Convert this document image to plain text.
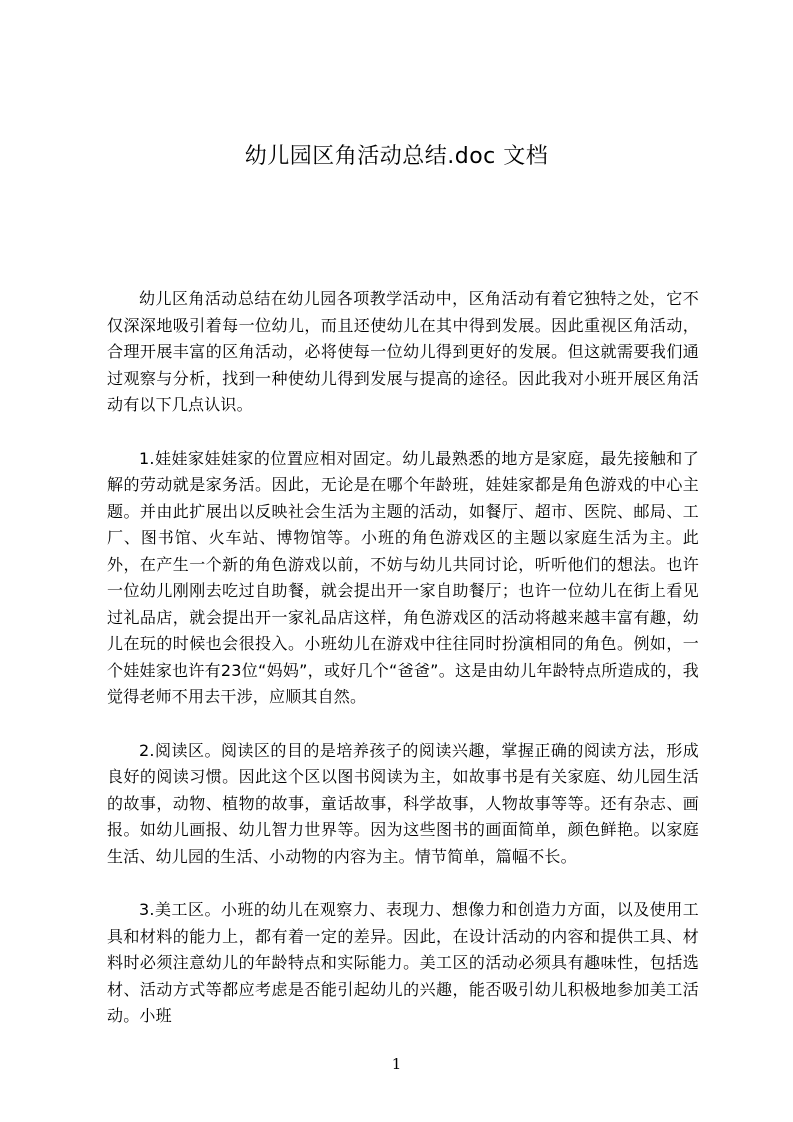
幼儿园区角活动总结.doc 文档

幼儿区角活动总结在幼儿园各项教学活动中，区角活动有着它独特之处，它不仅深深地吸引着每一位幼儿，而且还使幼儿在其中得到发展。因此重视区角活动，合理开展丰富的区角活动，必将使每一位幼儿得到更好的发展。但这就需要我们通过观察与分析，找到一种使幼儿得到发展与提高的途径。因此我对小班开展区角活动有以下几点认识。

1.娃娃家娃娃家的位置应相对固定。幼儿最熟悉的地方是家庭，最先接触和了解的劳动就是家务活。因此，无论是在哪个年龄班，娃娃家都是角色游戏的中心主题。并由此扩展出以反映社会生活为主题的活动，如餐厅、超市、医院、邮局、工厂、图书馆、火车站、博物馆等。小班的角色游戏区的主题以家庭生活为主。此外，在产生一个新的角色游戏以前，不妨与幼儿共同讨论，听听他们的想法。也许一位幼儿刚刚去吃过自助餐，就会提出开一家自助餐厅；也许一位幼儿在街上看见过礼品店，就会提出开一家礼品店这样，角色游戏区的活动将越来越丰富有趣，幼儿在玩的时候也会很投入。小班幼儿在游戏中往往同时扮演相同的角色。例如，一个娃娃家也许有23位“妈妈”，或好几个“爸爸”。这是由幼儿年龄特点所造成的，我觉得老师不用去干涉，应顺其自然。

2.阅读区。阅读区的目的是培养孩子的阅读兴趣，掌握正确的阅读方法，形成良好的阅读习惯。因此这个区以图书阅读为主，如故事书是有关家庭、幼儿园生活的故事，动物、植物的故事，童话故事，科学故事，人物故事等等。还有杂志、画报。如幼儿画报、幼儿智力世界等。因为这些图书的画面简单，颜色鲜艳。以家庭生活、幼儿园的生活、小动物的内容为主。情节简单，篇幅不长。

3.美工区。小班的幼儿在观察力、表现力、想像力和创造力方面，以及使用工具和材料的能力上，都有着一定的差异。因此，在设计活动的内容和提供工具、材料时必须注意幼儿的年龄特点和实际能力。美工区的活动必须具有趣味性，包括选材、活动方式等都应考虑是否能引起幼儿的兴趣，能否吸引幼儿积极地参加美工活动。小班

1
